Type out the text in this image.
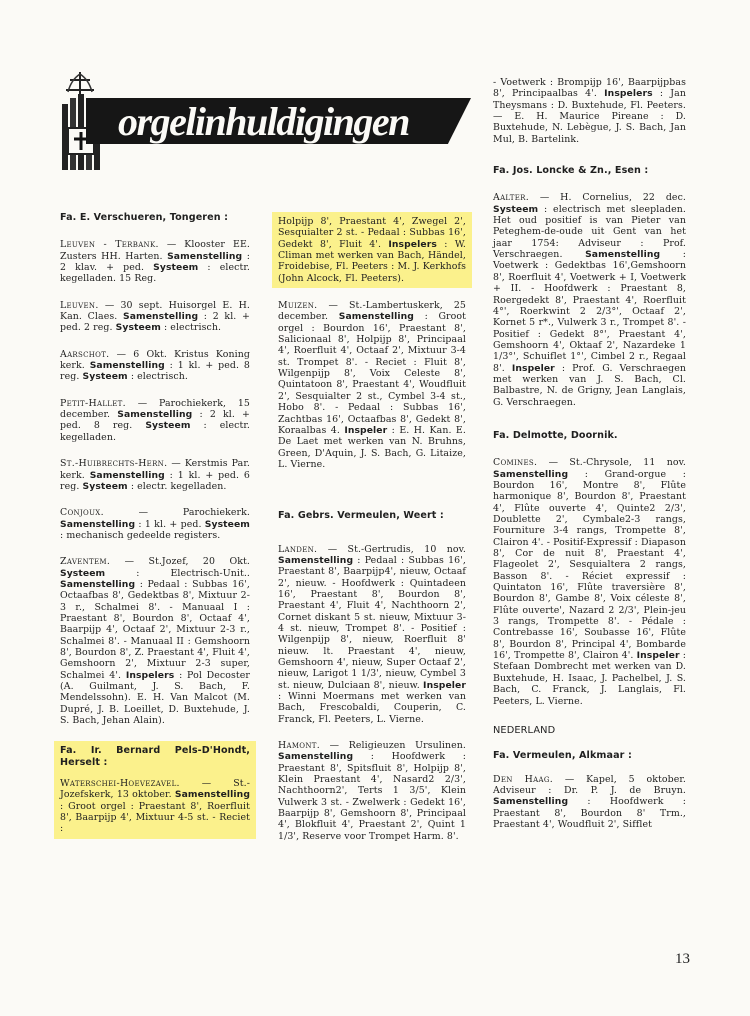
orgelinhuldigingen
Fa. E. Verschueren, Tongeren :
Leuven - Terbank. — Klooster EE. Zusters HH. Harten. Samenstelling : 2 klav. + ped. Systeem : electr. kegelladen. 15 Reg.
Leuven. — 30 sept. Huisorgel E. H. Kan. Claes. Samenstelling : 2 kl. + ped. 2 reg. Systeem : electrisch.
Aarschot. — 6 Okt. Kristus Koning kerk. Samenstelling : 1 kl. + ped. 8 reg. Systeem : electrisch.
Petit-Hallet. — Parochiekerk, 15 december. Samenstelling : 2 kl. + ped. 8 reg. Systeem : electr. kegelladen.
St.-Huibrechts-Hern. — Kerstmis Par. kerk. Samenstelling : 1 kl. + ped. 6 reg. Systeem : electr. kegelladen.
Conjoux.	— Parochiekerk. Samenstelling : 1 kl. + ped. Systeem : mechanisch gedeelde registers.
Zaventem. — St.Jozef, 20 Okt. Systeem	: Electrisch-Unit.. Samenstelling : Pedaal : Subbas 16', Octaafbas 8', Gedektbas 8', Mixtuur 2-3 r., Schalmei 8'. - Manuaal I : Praestant 8', Bourdon 8', Octaaf 4', Baarpijp 4', Octaaf 2', Mixtuur 2-3 r., Schalmei 8'. - Manuaal II : Gemshoorn 8', Bourdon 8', Z. Praestant 4', Fluit 4', Gemshoorn 2', Mixtuur 2-3 super, Schalmei 4'. Inspelers : Pol Decoster (A. Guilmant, J. S. Bach, F. Mendelssohn). E. H. Van Malcot (M. Dupré, J. B. Loeillet, D. Buxtehude, J. S. Bach, Jehan Alain).
Fa. Ir. Bernard Pels-D'Hondt, Herselt :
Waterschei-Hoevezavel. — St.-Jozefskerk, 13 oktober. Samenstelling : Groot orgel : Praestant 8', Roerfluit 8', Baarpijp 4', Mixtuur 4-5 st. - Reciet :
Holpijp 8', Praestant 4', Zwegel 2', Sesquialter 2 st. - Pedaal : Subbas 16', Gedekt 8', Fluit 4'. Inspelers : W. Climan met werken van Bach, Händel, Froidebise, Fl. Peeters : M. J. Kerkhofs (John Alcock, Fl. Peeters).
Muizen. — St.-Lambertuskerk, 25 december. Samenstelling : Groot orgel : Bourdon 16', Praestant 8', Salicionaal 8', Holpijp 8', Principaal 4', Roerfluit 4', Octaaf 2', Mixtuur 3-4 st. Trompet 8'. - Reciet : Fluit 8', Wilgenpijp 8', Voix Celeste 8', Quintatoon 8', Praestant 4', Woudfluit 2', Sesquialter 2 st., Cymbel 3-4 st., Hobo 8'. - Pedaal : Subbas 16', Zachtbas 16', Octaafbas 8', Gedekt 8', Koraalbas 4. Inspeler : E. H. Kan. E. De Laet met werken van N. Bruhns, Green, D'Aquin, J. S. Bach, G. Litaize, L. Vierne.
Fa. Gebrs. Vermeulen, Weert :
Landen. — St.-Gertrudis, 10 nov. Samenstelling : Pedaal : Subbas 16', Praestant 8', Baarpijp4', nieuw, Octaaf 2', nieuw. - Hoofdwerk : Quintadeen 16', Praestant 8', Bourdon 8', Praestant 4', Fluit 4', Nachthoorn 2', Cornet diskant 5 st. nieuw, Mixtuur 3-4 st. nieuw, Trompet 8'. - Positief : Wilgenpijp 8', nieuw, Roerfluit 8' nieuw. lt. Praestant 4', nieuw, Gemshoorn 4', nieuw, Super Octaaf 2', nieuw, Larigot 1 1/3', nieuw, Cymbel 3 st. nieuw, Dulciaan 8', nieuw. Inspeler : Winni Moermans met werken van Bach, Frescobaldi, Couperin, C. Franck, Fl. Peeters, L. Vierne.
Hamont. — Religieuzen Ursulinen. Samenstelling : Hoofdwerk : Praestant 8', Spitsfluit 8', Holpijp 8', Klein Praestant 4', Nasard2 2/3', Nachthoorn2', Terts 1 3/5', Klein Vulwerk 3 st. - Zwelwerk : Gedekt 16', Baarpijp 8', Gemshoorn 8', Principaal 4', Blokfluit 4', Praestant 2', Quint 1 1/3', Reserve voor Trompet Harm. 8'.
- Voetwerk : Brompijp 16', Baarpijpbas 8', Principaalbas 4'. Inspelers : Jan Theysmans : D. Buxtehude, Fl. Peeters. — E. H. Maurice Pireane : D. Buxtehude, N. Lebègue, J. S. Bach, Jan Mul, B. Bartelink.
Fa. Jos. Loncke & Zn., Esen :
Aalter. — H. Cornelius, 22 dec. Systeem : electrisch met sleepladen. Het oud positief is van Pieter van Peteghem-de-oude uit Gent van het jaar 1754: Adviseur : Prof. Verschraegen. Samenstelling : Voetwerk : Gedektbas 16',Gemshoorn 8', Roerfluit 4', Voetwerk + I, Voetwerk + II. - Hoofdwerk : Praestant 8, Roergedekt 8', Praestant 4', Roerfluit 4°', Roerkwint 2 2/3°', Octaaf 2', Kornet 5 r*., Vulwerk 3 r., Trompet 8'. - Positief : Gedekt 8°', Praestant 4', Gemshoorn 4', Oktaaf 2', Nazardeke 1 1/3°', Schuiflet 1°', Cimbel 2 r., Regaal 8'. Inspeler : Prof. G. Verschraegen met werken van J. S. Bach, Cl. Balbastre, N. de Grigny, Jean Langlais, G. Verschraegen.
Fa. Delmotte, Doornik.
Comines. — St.-Chrysole, 11 nov. Samenstelling : Grand-orgue : Bourdon 16', Montre 8', Flûte harmonique 8', Bourdon 8', Praestant 4', Flûte ouverte 4', Quinte2 2/3', Doublette 2', Cymbale2-3 rangs, Fourniture 3-4 rangs, Trompette 8', Clairon 4'. - Positif-Expressif : Diapason 8', Cor de nuit 8', Praestant 4', Flageolet 2', Sesquialtera 2 rangs, Basson 8'. - Réciet expressif : Quintaton 16', Flûte traversière 8', Bourdon 8', Gambe 8', Voix céleste 8', Flûte ouverte', Nazard 2 2/3', Plein-jeu 3 rangs, Trompette 8'. - Pédale : Contrebasse 16', Soubasse 16', Flûte 8', Bourdon 8', Principal 4', Bombarde 16', Trompette 8', Clairon 4'. Inspeler : Stefaan Dombrecht met werken van D. Buxtehude, H. Isaac, J. Pachelbel, J. S. Bach, C. Franck, J. Langlais, Fl. Peeters, L. Vierne.
NEDERLAND
Fa. Vermeulen, Alkmaar :
Den Haag. — Kapel, 5 oktober. Adviseur : Dr. P. J. de Bruyn. Samenstelling : Hoofdwerk : Praestant 8', Bourdon 8' Trm., Praestant 4', Woudfluit 2', Sifflet
13
